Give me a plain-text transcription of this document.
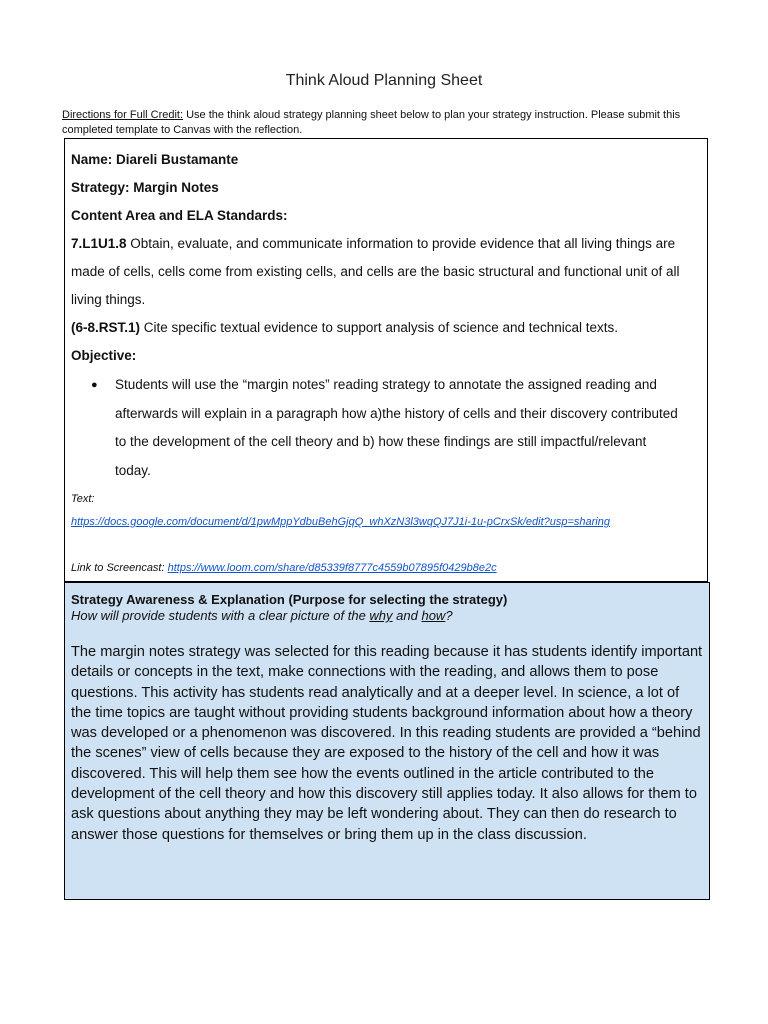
Think Aloud Planning Sheet
Directions for Full Credit: Use the think aloud strategy planning sheet below to plan your strategy instruction. Please submit this completed template to Canvas with the reflection.

Name: Diareli Bustamante

Strategy: Margin Notes

Content Area and ELA Standards:

7.L1U1.8 Obtain, evaluate, and communicate information to provide evidence that all living things are

made of cells, cells come from existing cells, and cells are the basic structural and functional unit of all

living things.

(6-8.RST.1) Cite specific textual evidence to support analysis of science and technical texts.

Objective:

● Students will use the “margin notes” reading strategy to annotate the assigned reading and
afterwards will explain in a paragraph how a)the history of cells and their discovery contributed
to the development of the cell theory and b) how these findings are still impactful/relevant
today.

Text:

https://docs.google.com/document/d/1pwMppYdbuBehGjqQ_whXzN3l3wqQJ7J1i-1u-pCrxSk/edit?usp=sharing

Link to Screencast: https://www.loom.com/share/d85339f8777c4559b07895f0429b8e2c

Strategy Awareness & Explanation (Purpose for selecting the strategy)

How will provide students with a clear picture of the why and how?

The margin notes strategy was selected for this reading because it has students identify important details or concepts in the text, make connections with the reading, and allows them to pose questions. This activity has students read analytically and at a deeper level. In science, a lot of the time topics are taught without providing students background information about how a theory was developed or a phenomenon was discovered. In this reading students are provided a “behind the scenes” view of cells because they are exposed to the history of the cell and how it was discovered. This will help them see how the events outlined in the article contributed to the development of the cell theory and how this discovery still applies today. It also allows for them to ask questions about anything they may be left wondering about. They can then do research to answer those questions for themselves or bring them up in the class discussion.
